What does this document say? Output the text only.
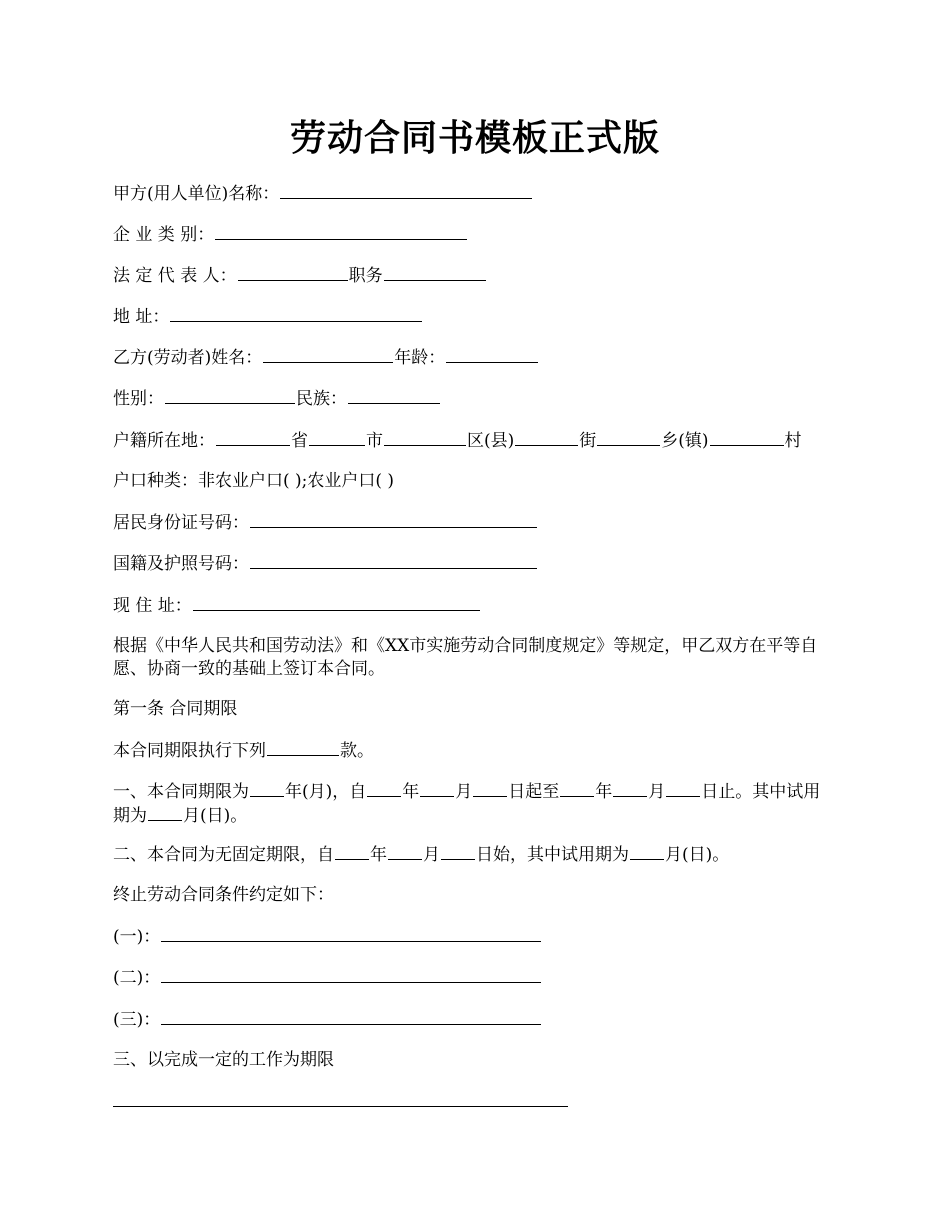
劳动合同书模板正式版

甲方(用人单位)名称：

企 业 类 别：

法 定 代 表 人：	职务

地 址：

乙方(劳动者)姓名：	年龄：

性别：	民族：

户籍所在地：	省	市	区(县)	街	乡(镇)	村

户口种类：非农业户口( );农业户口( )

居民身份证号码：

国籍及护照号码：

现 住 址：

根据《中华人民共和国劳动法》和《XX市实施劳动合同制度规定》等规定，甲乙双方在平等自愿、协商一致的基础上签订本合同。

第一条 合同期限

本合同期限执行下列	款。

一、本合同期限为 年(月)，自 年 月 日起至 年 月 日止。其中试用期为 月(日)。

二、本合同为无固定期限，自 年 月 日始，其中试用期为 月(日)。

终止劳动合同条件约定如下：

(一)：

(二)：

(三)：

三、以完成一定的工作为期限
